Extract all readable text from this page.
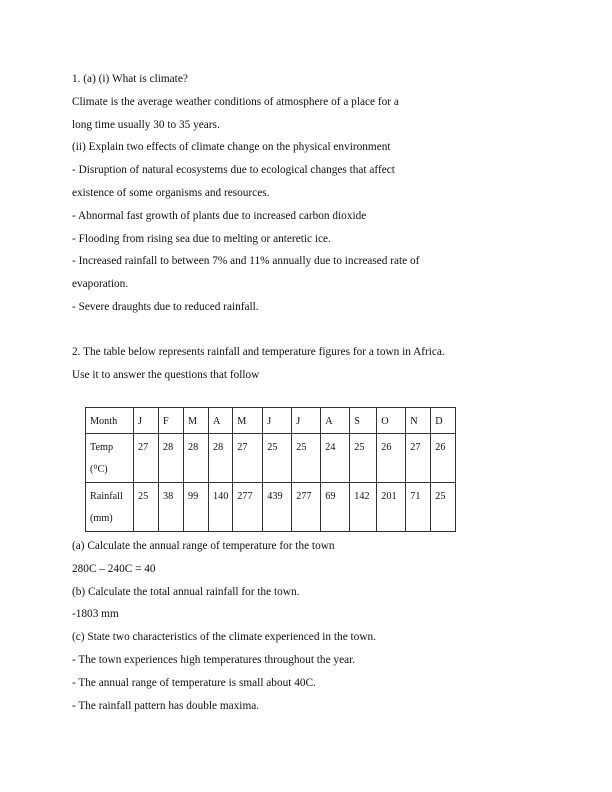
1. (a) (i) What is climate?
Climate is the average weather conditions of atmosphere of a place for a
long time usually 30 to 35 years.
(ii) Explain two effects of climate change on the physical environment
- Disruption of natural ecosystems due to ecological changes that affect
existence of some organisms and resources.
- Abnormal fast growth of plants due to increased carbon dioxide
- Flooding from rising sea due to melting or anteretic ice.
- Increased rainfall to between 7% and 11% annually due to increased rate of
evaporation.
- Severe draughts due to reduced rainfall.
2. The table below represents rainfall and temperature figures for a town in Africa.
Use it to answer the questions that follow
Month	J	F	M	A	M	J	J	A	S	O	N	D
Temp
(⁰C)	27	28	28	28	27	25	25	24	25	26	27	26
Rainfall
(mm)	25	38	99	140	277	439	277	69	142	201	71	25
(a) Calculate the annual range of temperature for the town
280C – 240C = 40
(b) Calculate the total annual rainfall for the town.
-1803 mm
(c) State two characteristics of the climate experienced in the town.
- The town experiences high temperatures throughout the year.
- The annual range of temperature is small about 40C.
- The rainfall pattern has double maxima.
